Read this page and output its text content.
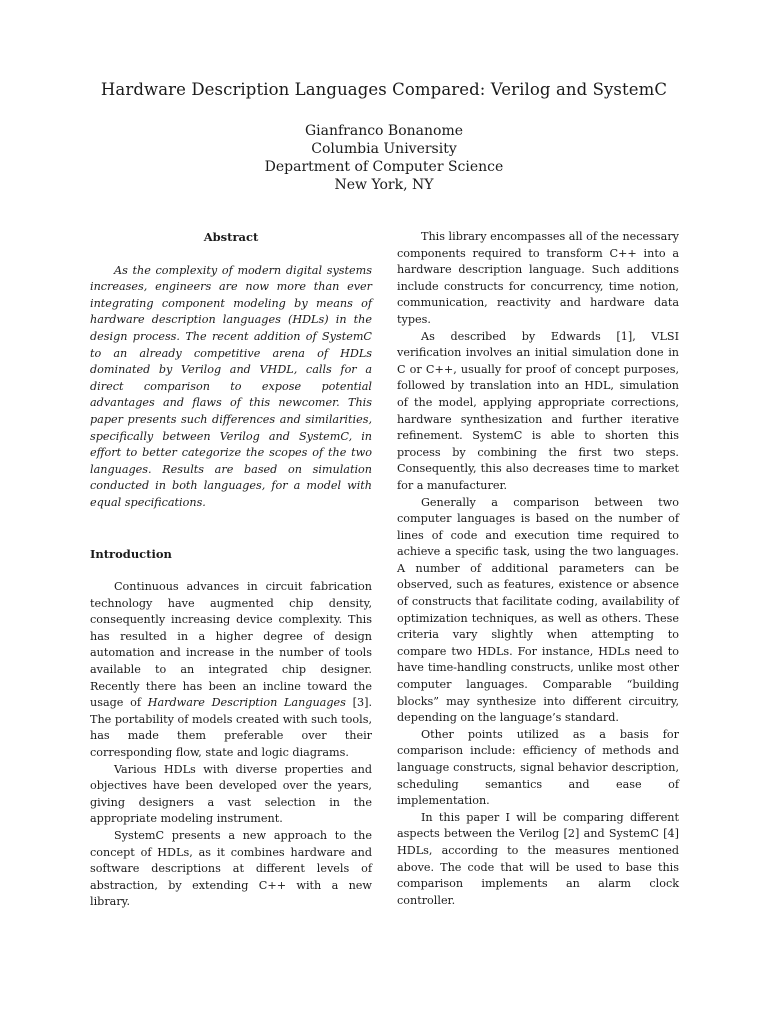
Hardware Description Languages Compared: Verilog and SystemC
Gianfranco Bonanome
Columbia University
Department of Computer Science
New York, NY
Abstract

As the complexity of modern digital systems increases, engineers are now more than ever integrating component modeling by means of hardware description languages (HDLs) in the design process. The recent addition of SystemC to an already competitive arena of HDLs dominated by Verilog and VHDL, calls for a direct comparison to expose potential advantages and flaws of this newcomer. This paper presents such differences and similarities, specifically between Verilog and SystemC, in effort to better categorize the scopes of the two languages. Results are based on simulation conducted in both languages, for a model with equal specifications.

Introduction

Continuous advances in circuit fabrication technology have augmented chip density, consequently increasing device complexity. This has resulted in a higher degree of design automation and increase in the number of tools available to an integrated chip designer. Recently there has been an incline toward the usage of Hardware Description Languages [3]. The portability of models created with such tools, has made them preferable over their corresponding flow, state and logic diagrams.

Various HDLs with diverse properties and objectives have been developed over the years, giving designers a vast selection in the appropriate modeling instrument.

SystemC presents a new approach to the concept of HDLs, as it combines hardware and software descriptions at different levels of abstraction, by extending C++ with a new library.

This library encompasses all of the necessary components required to transform C++ into a hardware description language. Such additions include constructs for concurrency, time notion, communication, reactivity and hardware data types.

As described by Edwards [1], VLSI verification involves an initial simulation done in C or C++, usually for proof of concept purposes, followed by translation into an HDL, simulation of the model, applying appropriate corrections, hardware synthesization and further iterative refinement. SystemC is able to shorten this process by combining the first two steps. Consequently, this also decreases time to market for a manufacturer.

Generally a comparison between two computer languages is based on the number of lines of code and execution time required to achieve a specific task, using the two languages. A number of additional parameters can be observed, such as features, existence or absence of constructs that facilitate coding, availability of optimization techniques, as well as others. These criteria vary slightly when attempting to compare two HDLs. For instance, HDLs need to have time-handling constructs, unlike most other computer languages. Comparable “building blocks” may synthesize into different circuitry, depending on the language’s standard.

Other points utilized as a basis for comparison include: efficiency of methods and language constructs, signal behavior description, scheduling semantics and ease of implementation.

In this paper I will be comparing different aspects between the Verilog [2] and SystemC [4] HDLs, according to the measures mentioned above. The code that will be used to base this comparison implements an alarm clock controller.
